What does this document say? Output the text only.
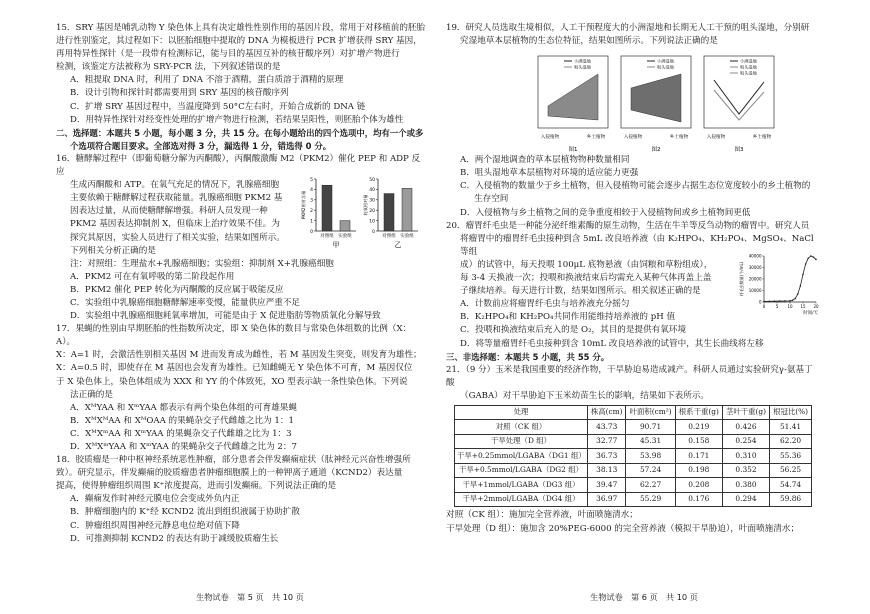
15．SRY 基因是哺乳动物 Y 染色体上具有决定雄性性别作用的基因片段，常用于对移植前的胚胎

进行性别鉴定，其过程如下：以胚胎细胞中提取的 DNA 为模板进行 PCR 扩增获得 SRY 基因，

再用特异性探针（是一段带有检测标记，能与目的基因互补的核苷酸序列）对扩增产物进行

检测，该鉴定方法被称为 SRY-PCR 法，下列叙述错误的是

A．粗提取 DNA 时，利用了 DNA 不溶于酒精，蛋白质溶于酒精的原理

B．设计引物和探针时都需要用到 SRY 基因的核苷酸序列

C．扩增 SRY 基因过程中，当温度降到 50°C左右时，开始合成新的 DNA 链

D．用特异性探针对经变性处理的扩增产物进行检测，若结果呈阳性，则胚胎个体为雄性

二、选择题：本题共 5 小题，每小题 3 分，共 15 分。在每小题给出的四个选项中，均有一个或多

个选项符合题目要求。全部选对得 3 分，漏选得 1 分，错选得 0 分。

16．糖酵解过程中（即葡萄糖分解为丙酮酸），丙酮酸激酶 M2（PKM2）催化 PEP 和 ADP 反应

生成丙酮酸和 ATP。在氧气充足的情况下，乳腺癌细胞

主要依赖于糖酵解过程获取能量。乳腺癌细胞 PKM2 基

因表达过量，从而使糖酵解增强。科研人员发现一种

PKM2 基因表达抑制剂 X，但临床上治疗效果不佳。为

探究其原因，实验人员进行了相关实验，结果如图所示。

下列相关分析正确的是

注：对照组：生理盐水+乳腺癌细胞；实验组：抑制剂 X+乳腺癌细胞

A．PKM2 可在有氧呼吸的第二阶段起作用

B．PKM2 催化 PEP 转化为丙酮酸的反应属于吸能反应

C．实验组中乳腺癌细胞糖酵解速率变慢，能量供应严重不足

D．实验组中乳腺癌细胞耗氧率增加，可能是由于 X 促进脂肪等物质氧化分解导致

0
1
2
3
4
5
对照组 实验组
PKM2相对含量
甲
0
10
20
30
40
50
对照组 实验组
耗氧相对量
乙

17．果蝇的性别由早期胚胎的性指数所决定，即 X 染色体的数目与常染色体组数的比例（X：A）。

X：A=1 时，会激活性别相关基因 M 进而发育成为雌性，若 M 基因发生突变，则发育为雄性；

X：A=0.5 时，即使存在 M 基因也会发育为雄性。已知雌蝇无 Y 染色体不可育，M 基因仅位

于 X 染色体上，染色体组成为 XXX 和 YY 的个体致死，XO 型表示缺一条性染色体。下列说

法正确的是

A．XᴹYAA 和 XᵐYAA 都表示有两个染色体组的可育雄果蝇

B．XᴹXᴹAA 和 XᴹOAA 的果蝇杂交子代雌雄之比为 1：1

C．XᴹXᵐAA 和 XᵐYAA 的果蝇杂交子代雌雄之比为 1：3

D．XᴹXᵐYAA 和 XᵐYAA 的果蝇杂交子代雌雄之比为 2：7

18．胶质瘤是一种中枢神经系统恶性肿瘤，部分患者会伴发癫痫症状（肽神经元兴奋性增强所

致）。研究显示，伴发癫痫的胶质瘤患者肿瘤细胞膜上的一种钾离子通道（KCND2）表达量

提高，使得肿瘤组织周围 K⁺浓度提高，进而引发癫痫。下列说法正确的是

A．癫痫发作时神经元膜电位会变成外负内正

B．肿瘤细胞内的 K⁺经 KCND2 流出到组织液属于协助扩散

C．肿瘤组织周围神经元静息电位绝对值下降

D．可推测抑制 KCND2 的表达有助于减缓胶质瘤生长

19．研究人员选取生境相似，人工干预程度大的小洲湿地和长期无人工干预的咀头湿地，分别研

究湿地草本层植物的生态位特征，结果如图所示。下列说法正确的是

图1
入侵植物	乡土植物
图2
入侵植物	乡土植物
图3
入侵植物	乡土植物
小洲湿地
咀头湿地
小洲湿地
咀头湿地
小洲湿地
咀头湿地
咀头湿地

A．两个湿地调查的草本层植物物种数量相同

B．咀头湿地草本层植物对环境的适应能力更强

C．入侵植物的数量少于乡土植物，但入侵植物可能会逐步占据生态位宽度较小的乡土植物的

生存空间

D．入侵植物与乡土植物之间的竞争重度相较于入侵植物间或乡土植物间更低

20．瘤胃纤毛虫是一种能分泌纤维素酶的原生动物，生活在牛羊等反刍动物的瘤胃中。研究人员

将瘤胃中的瘤胃纤毛虫接种到含 5mL 改良培养液（由 K₂HPO₄、KH₂PO₄、MgSO₄、NaCl 等组

成）的试管中，每天投喂 100μL 底物悬液（由饲粮和草粉组成），

每 3-4 天换液一次；投喂和换液结束后均需充入某种气体再盖上盖

子继续培养。每天进行计数，结果如图所示。相关叙述正确的是

A．计数前应将瘤胃纤毛虫与培养液充分摇匀

B．K₂HPO₄和 KH₂PO₄共同作用能维持培养液的 pH 值

C．投喂和换液结束后充入的是 O₂，其目的是提供有氧环境

D．将等量瘤胃纤毛虫接种到含 10mL 改良培养液的试管中，其生长曲线将左移

0
10000
20000
30000
40000
0	5 10 15 20
时间/天
纤毛虫数量(个/mL)

三、非选择题：本题共 5 小题，共 55 分。

21．（9 分）玉米是我国重要的经济作物，干旱胁迫易造成减产。科研人员通过实验研究γ-氨基丁酸

（GABA）对干旱胁迫下玉米幼苗生长的影响，结果如下表所示。

处理	株高(cm)	叶面积(cm²)	根系干重(g)	茎叶干重(g)	根冠比(%)
对照（CK 组）	43.73	90.71	0.219	0.426	51.41
干旱处理（D 组）	32.77	45.31	0.158	0.254	62.20
干旱+0.25mmol/LGABA（DG1 组）	36.73	53.98	0.171	0.310	55.36
干旱+0.5mmol/LGABA（DG2 组）	38.13	57.24	0.198	0.352	56.25
干旱+1mmol/LGABA（DG3 组）	39.47	62.27	0.208	0.380	54.74
干旱+2mmol/LGABA（DG4 组）	36.97	55.29	0.176	0.294	59.86

对照（CK 组）：施加完全营养液，叶面喷施清水；

干旱处理（D 组）：施加含 20%PEG-6000 的完全营养液（模拟干旱胁迫），叶面喷施清水；

生物试卷　第 5 页　共 10 页	生物试卷　第 6 页　共 10 页
